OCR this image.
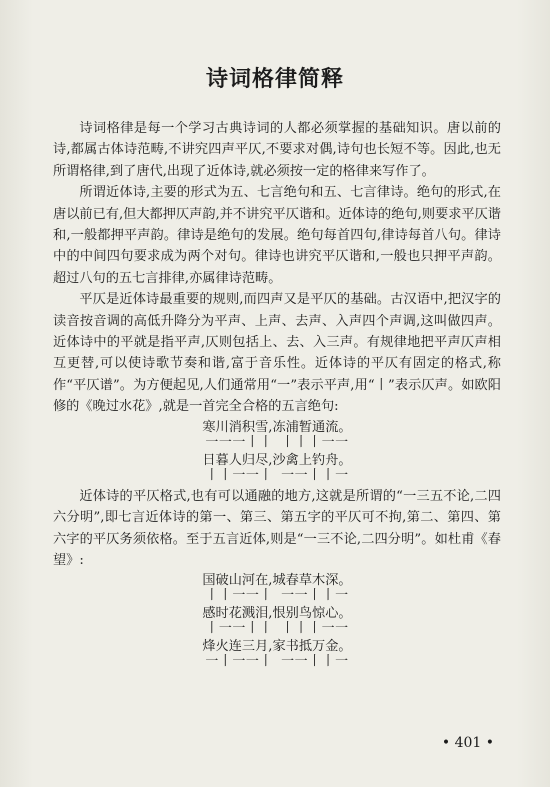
诗词格律简释

诗词格律是每一个学习古典诗词的人都必须掌握的基础知识。唐以前的诗,都属古体诗范畴,不讲究四声平仄,不要求对偶,诗句也长短不等。因此,也无所谓格律,到了唐代,出现了近体诗,就必须按一定的格律来写作了。

所谓近体诗,主要的形式为五、七言绝句和五、七言律诗。绝句的形式,在唐以前已有,但大都押仄声韵,并不讲究平仄谐和。近体诗的绝句,则要求平仄谐和,一般都押平声韵。律诗是绝句的发展。绝句每首四句,律诗每首八句。律诗中的中间四句要求成为两个对句。律诗也讲究平仄谐和,一般也只押平声韵。超过八句的五七言排律,亦属律诗范畴。

平仄是近体诗最重要的规则,而四声又是平仄的基础。古汉语中,把汉字的读音按音调的高低升降分为平声、上声、去声、入声四个声调,这叫做四声。近体诗中的平就是指平声,仄则包括上、去、入三声。有规律地把平声仄声相互更替,可以使诗歌节奏和谐,富于音乐性。近体诗的平仄有固定的格式,称作“平仄谱”。为方便起见,人们通常用“一”表示平声,用“丨”表示仄声。如欧阳修的《晚过水花》,就是一首完全合格的五言绝句:

寒川消积雪,冻浦暂通流。

一一一丨丨 丨丨丨一一

日暮人归尽,沙禽上钓舟。

丨丨一一丨 一一丨丨一

近体诗的平仄格式,也有可以通融的地方,这就是所谓的“一三五不论,二四六分明”,即七言近体诗的第一、第三、第五字的平仄可不拘,第二、第四、第六字的平仄务须依格。至于五言近体,则是“一三不论,二四分明”。如杜甫《春望》:

国破山河在,城春草木深。

丨丨一一丨 一一丨丨一

感时花溅泪,恨别鸟惊心。

丨一一丨丨 丨丨丨一一

烽火连三月,家书抵万金。

一丨一一丨 一一丨丨一

• 401 •
